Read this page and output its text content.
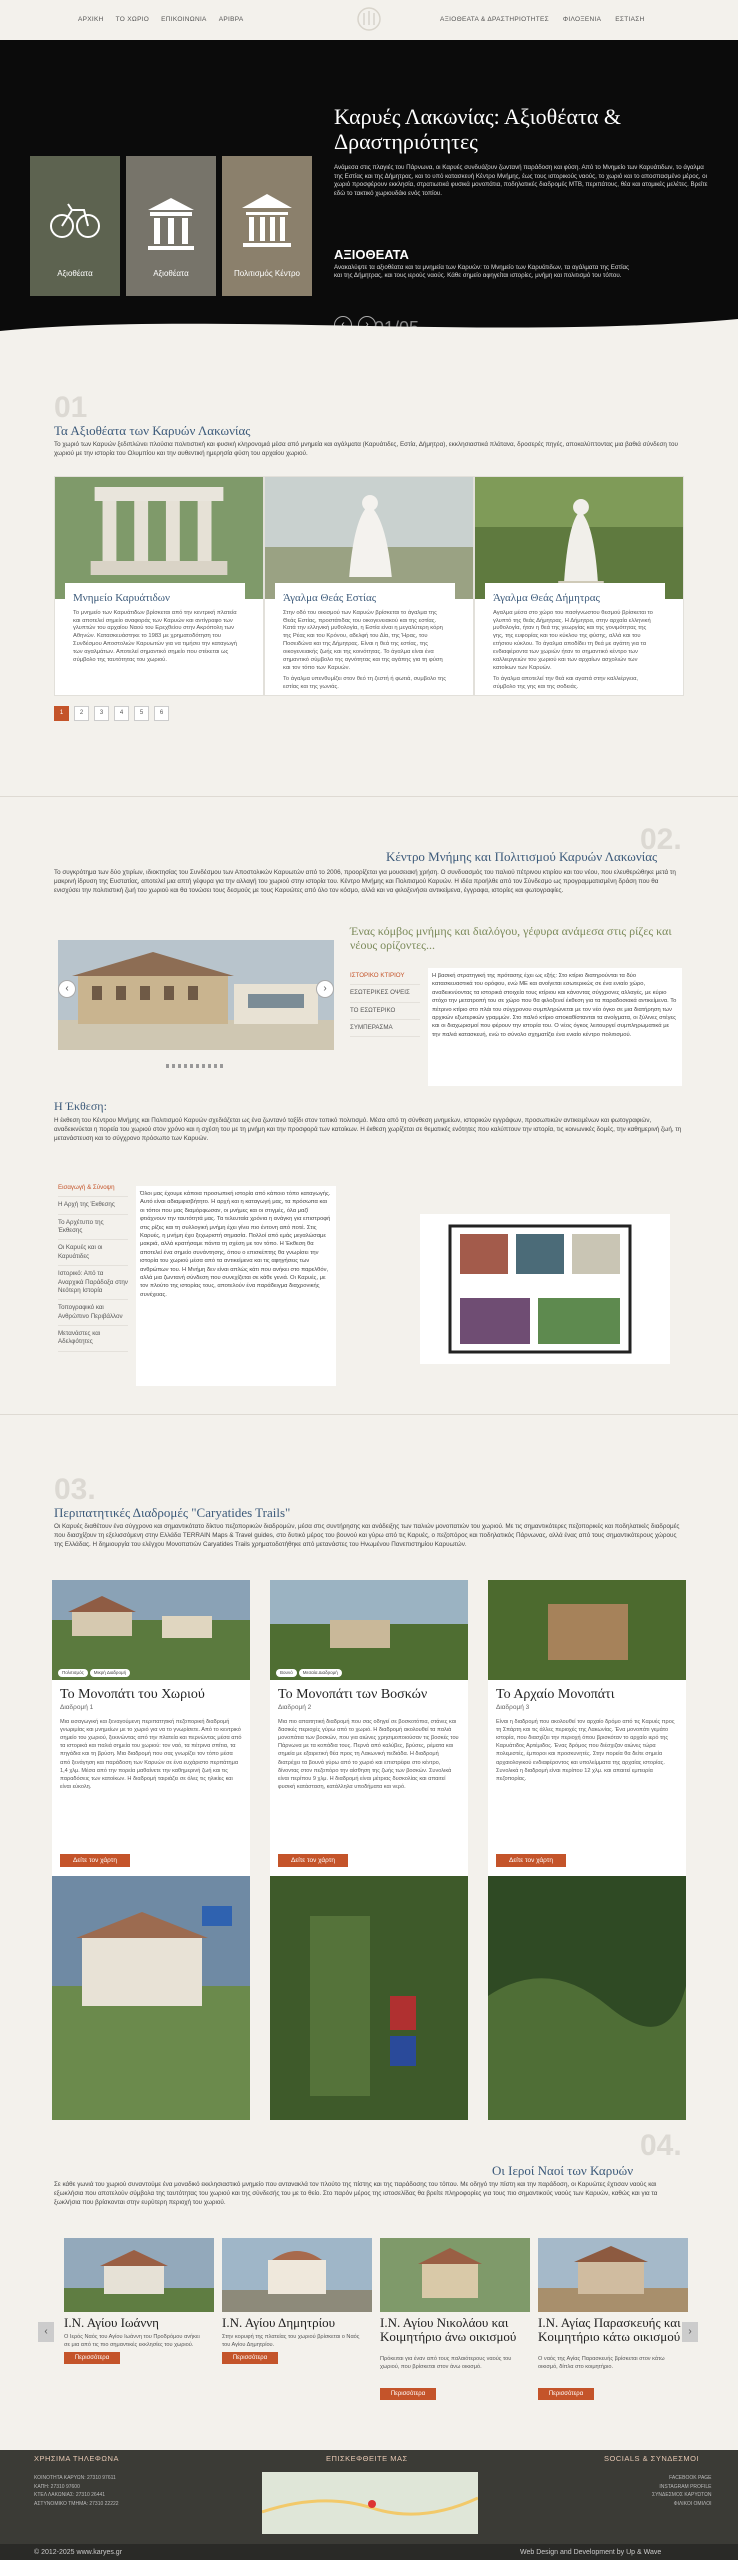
ΑΡΧΙΚΗ ΤΟ ΧΩΡΙΟ ΕΠΙΚΟΙΝΩΝΙΑ ΑΡΙΒΡΑ	ΑΞΙΟΘΕΑΤΑ & ΔΡΑΣΤΗΡΙΟΤΗΤΕΣ ΦΙΛΟΞΕΝΙΑ ΕΣΤΙΑΣΗ
Αξιοθέατα	Αξιοθέατα	Πολιτισμός Κέντρο
Καρυές Λακωνίας: Αξιοθέατα & Δραστηριότητες
Ανάμεσα στις πλαγιές του Πάρνωνα, οι Καρυές συνδυάζουν ζωντανή παράδοση και φύση. Από το Μνημείο των Καρυάτιδων, το άγαλμα της Εστίας και της Δήμητρας, και το υπό κατασκευή Κέντρο Μνήμης, έως τους ιστορικούς ναούς, το χωριό και το αποσπασμένο μέρος, οι χωριό προσφέρουν εκκλησία, στρατιωτικά φυσικά μονοπάτια, ποδηλατικές διαδρομές MTB, περιπάτους, θέα και ατομικές μελέτες. Βρείτε εδώ το τακτικό χωριουδάκι ενός τοπίου.
ΑΞΙΟΘΕΑΤΑ
Ανακαλύψτε τα αξιοθέατα και τα μνημεία των Καρυών: το Μνημείο των Καρυάτιδων, τα αγάλματα της Εστίας και της Δήμητρας, και τους ιερούς ναούς. Κάθε σημείο αφηγείται ιστορίες, μνήμη και πολιτισμό του τόπου.
‹	›
01
Τα Αξιοθέατα των Καρυών Λακωνίας
Το χωριό των Καρυών ξεδιπλώνει πλούσια πολιτιστική και φυσική κληρονομιά μέσα από μνημεία και αγάλματα (Καρυάτιδες, Εστία, Δήμητρα), εκκλησιαστικά πλάτανα, δροσερές πηγές, αποκαλύπτοντας μια βαθιά σύνδεση του χωριού με την ιστορία του Ολυμπίου και την αυθεντική ημερησία φύση του αρχαίου χωριού.
Μνημείο Καρυάτιδων

Το μνημείο των Καρυάτιδων βρίσκεται από την κεντρική πλατεία και αποτελεί σημείο αναφοράς των Καρυών και αντίγραφο των γλυπτών του αρχαίου Ναού του Ερεχθείου στην Ακρόπολη των Αθηνών. Κατασκευάστηκε το 1983 με χρηματοδότηση του Συνδέσμου Αποστολιών Καρυωτών για να τιμήσει την καταγωγή των αγαλμάτων. Αποτελεί σημαντικό σημείο που στέκεται ως σύμβολο της ταυτότητας του χωριού.

Άγαλμα Θεάς Εστίας

Στην οδό του οικισμού των Καρυών βρίσκεται το άγαλμα της Θεάς Εστίας, προστάτιδας του οικογενειακού και της εστίας. Κατά την ελληνική μυθολογία, η Εστία είναι η μεγαλύτερη κόρη της Ρέας και του Κρόνου, αδελφή του Δία, της Ήρας, του Ποσειδώνα και της Δήμητρας. Είναι η θεά της εστίας, της οικογενειακής ζωής και της κοινότητας. Το άγαλμα είναι ένα σημαντικό σύμβολο της αγνότητας και της αγάπης για τη φύση και τον τόπο των Καρυών.

Το άγαλμα υπενθυμίζει στον θεό τη ζεστή ή φωτιά, συμβολο της εστίας και της γωνιάς.

Άγαλμα Θεάς Δήμητρας

Αγαλμα μέσα στο χώρο του πασίγνωστου θεσμού βρίσκεται το γλυπτό της θεάς Δήμητρας. Η Δήμητρα, στην αρχαία ελληνική μυθολογία, ήταν η θεά της γεωργίας και της γονιμότητας της γης, της ευφορίας και του κύκλου της φύσης, αλλά και του ετήσιου κύκλου. Το άγαλμα αποδίδει τη θεά με αγάπη για τα ενδιαφέροντα των χωριών ήταν το σημαντικό κέντρο των καλλιεργειών του χωριού και των αρχαίων ασχολιών των κατοίκων των Καρυών.

Το άγαλμα αποτελεί την θεά και αγαπά στην καλλιέργεια, σύμβολο της γης και της σοδειάς.

1	2	3	4	5	6
02.
Κέντρο Μνήμης και Πολιτισμού Καρυών Λακωνίας
Το συγκρότημα των δύο χτιρίων, ιδιοκτησίας του Συνδέσμου των Αποστολικών Καρυωτών από το 2006, προορίζεται για μουσειακή χρήση. Ο συνδυασμός του παλιού πέτρινου κτιρίου και του νέου, που ελευθερώθηκε μετά τη μακρινή ίδρυση της Ευστατίας, αποτελεί μια απτή γέφυρα για την αλλαγή του χωριού στην ιστορία του. Κέντρο Μνήμης και Πολιτισμού Καρυών. Η ιδέα προήλθε από τον Σύνδεσμο ως προγραμματισμένη δράση που θα ενισχύσει την πολιτιστική ζωή του χωριού και θα τονώσει τους δεσμούς με τους Καρυώτες από όλο τον κόσμο, αλλά και να φιλοξενήσει αντικείμενα, έγγραφα, ιστορίες και φωτογραφίες.
Ένας κόμβος μνήμης και διαλόγου, γέφυρα ανάμεσα στις ρίζες και νέους ορίζοντες...
‹	›
ΙΣΤΟΡΙΚΟ ΚΤΙΡΙΟΥ
ΕΣΩΤΕΡΙΚΕΣ ΟΨΕΙΣ
ΤΟ ΕΣΩΤΕΡΙΚΟ
ΣΥΜΠΕΡΑΣΜΑ
Η βασική στρατηγική της πρότασης έχει ως εξής: Στο κτίριο διατηρούνται τα δύο κατασκευαστικά του ορόφου, ενώ ΜΕ και ανοίγεται εσωτερικώς σε ένα ενιαίο χώρο, αναδεικνύοντας τα ιστορικά στοιχεία τους κτίριου και κάνοντας σύγχρονες αλλαγές, με κύριο στόχο την μετατροπή του σε χώρο που θα φιλοξενεί έκθεση για τα παραδοσιακά αντικείμενα. Το πέτρινο κτίριο στο πλάι του σύγχρονου συμπληρώνεται με τον νέο όγκο σε μια διατήρηση των αρχικών εξωτερικών γραμμών. Στο παλιό κτίριο αποκαθίστανται τα ανοίγματα, οι ξύλινες στέγες και οι διαχωρισμοί που φέρουν την ιστορία του. Ο νέος όγκος λειτουργεί συμπληρωματικά με την παλιά κατασκευή, ενώ το σύνολο σχηματίζει ένα ενιαίο κέντρο πολιτισμού.
Η Έκθεση:
Η έκθεση του Κέντρου Μνήμης και Πολιτισμού Καρυών σχεδιάζεται ως ένα ζωντανό ταξίδι στον τοπικό πολιτισμό. Μέσα από τη σύνθεση μνημείων, ιστορικών εγγράφων, προσωπικών αντικειμένων και φωτογραφιών, αναδεικνύεται η πορεία του χωριού στον χρόνο και η σχέση του με τη μνήμη και την προσφορά των κατοίκων. Η έκθεση χωρίζεται σε θεματικές ενότητες που καλύπτουν την ιστορία, τις κοινωνικές δομές, την καθημερινή ζωή, τη μετανάστευση και το σύγχρονο πρόσωπο των Καρυών.
Εισαγωγή & Σύνοψη
Η Αρχή της Έκθεσης
Το Αρχέτυπο της Έκθεσης
Οι Καρυές και οι Καρυάτιδες
Ιστορικό: Από τα Αναρχικά Παράδοξα στην Νεότερη Ιστορία
Τοπογραφικό και Ανθρώπινο Περιβάλλον
Μετανάστες και Αδελφότητες
Όλοι μας έχουμε κάποια προσωπική ιστορία από κάποιο τόπο καταγωγής. Αυτό είναι αδιαμφισβήτητο. Η αρχή και η καταγωγή μας, τα πρόσωπα και οι τόποι που μας διαμόρφωσαν, οι μνήμες και οι στιγμές, όλα μαζί φτιάχνουν την ταυτότητά μας. Τα τελευταία χρόνια η ανάγκη για επιστροφή στις ρίζες και τη συλλογική μνήμη έχει γίνει πιο έντονη από ποτέ. Στις Καρυές, η μνήμη έχει ξεχωριστή σημασία. Πολλοί από εμάς μεγαλώσαμε μακριά, αλλά κρατήσαμε πάντα τη σχέση με τον τόπο. Η Έκθεση θα αποτελεί ένα σημείο συνάντησης, όπου ο επισκέπτης θα γνωρίσει την ιστορία του χωριού μέσα από τα αντικείμενα και τις αφηγήσεις των ανθρώπων του. Η Μνήμη δεν είναι απλώς κάτι που ανήκει στο παρελθόν, αλλά μια ζωντανή σύνδεση που συνεχίζεται σε κάθε γενιά. Οι Καρυές, με τον πλούτο της ιστορίας τους, αποτελούν ένα παράδειγμα διαχρονικής συνέχειας.
03.
Περιπατητικές Διαδρομές "Caryatides Trails"
Οι Καρυές διαθέτουν ένα σύγχρονο και σημαντικότατο δίκτυο πεζοπορικών διαδρομών, μέσα στις συντήρησης και ανάδειξης των παλιών μονοπατιών του χωριού. Με τις σημαντικότερες πεζοπορικές και ποδηλατικές διαδρομές που διασχίζουν τη εξελισσόμενη στην Ελλάδα TERRAIN Maps & Travel guides, στο δυτικό μέρος του βουνού και γύρω από τις Καρυές, ο πεζοπόρος και ποδηλατικός Πάρνωνας, αλλά ένας από τους σημαντικότερους χώρους της Ελλάδας. Η δημιουργία του ελέγχου Μονοπατιών Caryatides Trails χρηματοδοτήθηκε από μετανάστες του Ηνωμένου Πανεπιστημίου Καρυωτών.
Πολιτισμός Μικρή Διαδρομή
Το Μονοπάτι του Χωριού
Διαδρομή 1

Μια εισαγωγική και ξεναγούμενη περιπατητική πεζοπορική διαδρομή γνωριμίας και μνημείων με το χωριό για να το γνωρίσετε. Από το κεντρικό σημείο του χωριού, ξεκινώντας από την πλατεία και περνώντας μέσα από τα ιστορικά και παλιά σημεία του χωριού: τον ναό, τα πέτρινα σπίτια, τα πηγάδια και τη βρύση. Μια διαδρομή που σας γνωρίζει τον τόπο μέσα από ξενάγηση και παράδοση των Καρυών σε ένα ευχάριστο περπάτημα 1,4 χλμ. Μέσα από την πορεία μαθαίνετε την καθημερινή ζωή και τις παραδόσεις των κατοίκων. Η διαδρομή ταιριάζει σε όλες τις ηλικίες και είναι εύκολη.

Δείτε τον χάρτη
Βουνό Μεσαία Διαδρομή
Το Μονοπάτι των Βοσκών
Διαδρομή 2

Μια πιο απαιτητική διαδρομή που σας οδηγεί σε βοσκοτόπια, στάνες και δασικές περιοχές γύρω από το χωριό. Η διαδρομή ακολουθεί τα παλιά μονοπάτια των βοσκών, που για αιώνες χρησιμοποιούσαν τις βοσκές του Πάρνωνα με τα κοπάδια τους. Περνά από καλύβες, βρύσες, ρέματα και σημεία με εξαιρετική θέα προς τη Λακωνική πεδιάδα. Η διαδρομή διατρέχει τα βουνά γύρω από το χωριό και επιστρέφει στο κέντρο, δίνοντας στον πεζοπόρο την αίσθηση της ζωής των βοσκών. Συνολικά είναι περίπου 9 χλμ. Η διαδρομή είναι μέτριας δυσκολίας και απαιτεί φυσική κατάσταση, κατάλληλα υποδήματα και νερό.

Δείτε τον χάρτη
Το Αρχαίο Μονοπάτι
Διαδρομή 3

Είναι η διαδρομή που ακολουθεί τον αρχαίο δρόμο από τις Καρυές προς τη Σπάρτη και τις άλλες περιοχές της Λακωνίας. Ένα μονοπάτι γεμάτο ιστορία, που διασχίζει την περιοχή όπου βρισκόταν το αρχαίο ιερό της Καρυάτιδος Αρτέμιδος. Ένας δρόμος που διέσχιζαν αιώνες τώρα πολεμιστές, έμποροι και προσκυνητές. Στην πορεία θα δείτε σημεία αρχαιολογικού ενδιαφέροντος και υπολείμματα της αρχαίας ιστορίας. Συνολικά η διαδρομή είναι περίπου 12 χλμ. και απαιτεί εμπειρία πεζοπορίας.

Δείτε τον χάρτη
04.
Οι Ιεροί Ναοί των Καρυών
Σε κάθε γωνιά του χωριού συναντούμε ένα μοναδικό εκκλησιαστικό μνημείο που αντανακλά τον πλούτο της πίστης και της παράδοσης του τόπου. Με οδηγό την πίστη και την παράδοση, οι Καρυώτες έχτισαν ναούς και εξωκλήσια που αποτελούν σύμβολα της ταυτότητας του χωριού και της σύνδεσής του με το θείο. Στο παρόν μέρος της ιστοσελίδας θα βρείτε πληροφορίες για τους πιο σημαντικούς ναούς των Καρυών, καθώς και για τα ξωκλήσια που βρίσκονται στην ευρύτερη περιοχή του χωριού.
‹	›
Ι.Ν. Αγίου Ιωάννη

Ο Ιερός Ναός του Αγίου Ιωάννη του Προδρόμου ανήκει σε μια από τις πιο σημαντικές εκκλησίες του χωριού.

Περισσότερα
Ι.Ν. Αγίου Δημητρίου

Στην κορυφή της πλατείας του χωριού βρίσκεται ο Ναός του Αγίου Δημητρίου.

Περισσότερα
Ι.Ν. Αγίου Νικολάου και Κοιμητήριο άνω οικισμού

Πρόκειται για έναν από τους παλαιότερους ναούς του χωριού, που βρίσκεται στον άνω οικισμό.

Περισσότερα
Ι.Ν. Αγίας Παρασκευής και Κοιμητήριο κάτω οικισμού

Ο ναός της Αγίας Παρασκευής βρίσκεται στον κάτω οικισμό, δίπλα στο κοιμητήριο.

Περισσότερα
ΧΡΗΣΙΜΑ ΤΗΛΕΦΩΝΑ	ΕΠΙΣΚΕΦΘΕΙΤΕ ΜΑΣ	SOCIALS & ΣΥΝΔΕΣΜΟΙ
ΚΟΙΝΟΤΗΤΑ ΚΑΡΥΩΝ: 27310 97611
ΚΑΠΗ: 27310 97600
ΚΤΕΛ ΛΑΚΩΝΙΑΣ: 27310 26441
ΑΣΤΥΝΟΜΙΚΟ ΤΜΗΜΑ: 27310 22222
FACEBOOK PAGE
INSTAGRAM PROFILE
ΣΥΝΔΕΣΜΟΣ ΚΑΡΥΩΤΩΝ
ΦΙΛΙΚΟΙ ΟΜΙΛΟΙ
© 2012-2025 www.karyes.gr	Web Design and Development by Up & Wave
